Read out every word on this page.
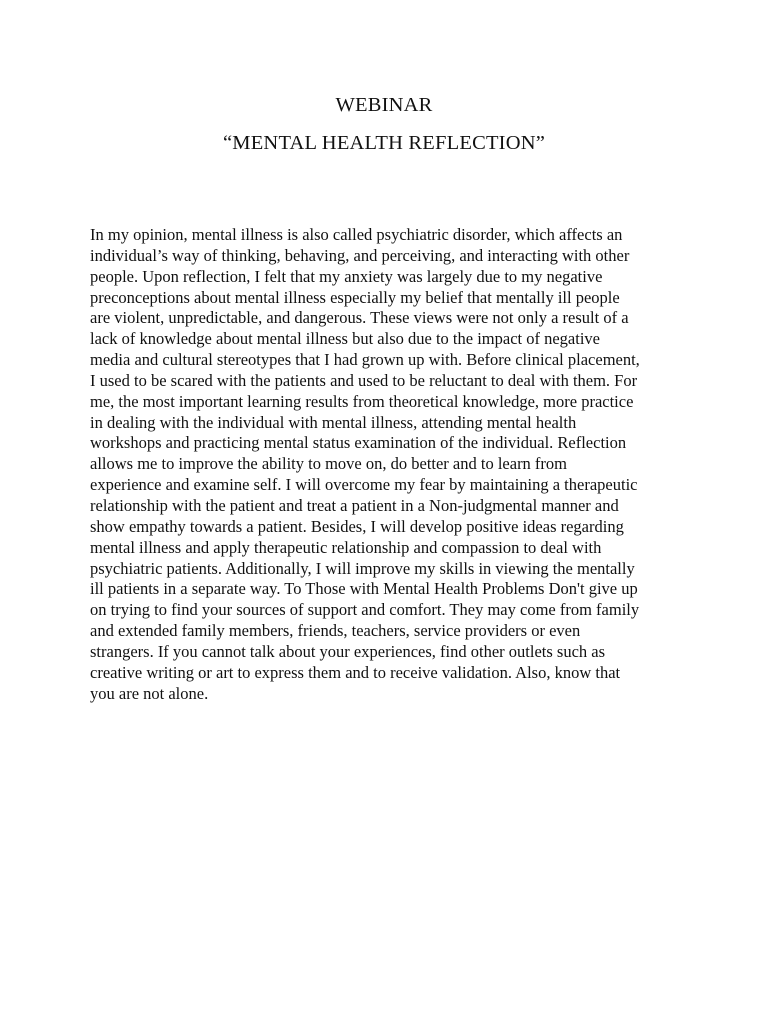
WEBINAR
“MENTAL HEALTH REFLECTION”

In my opinion, mental illness is also called psychiatric disorder, which affects an

individual’s way of thinking, behaving, and perceiving, and interacting with other

people. Upon reflection, I felt that my anxiety was largely due to my negative

preconceptions about mental illness especially my belief that mentally ill people

are violent, unpredictable, and dangerous. These views were not only a result of a

lack of knowledge about mental illness but also due to the impact of negative

media and cultural stereotypes that I had grown up with. Before clinical placement,

I used to be scared with the patients and used to be reluctant to deal with them. For

me, the most important learning results from theoretical knowledge, more practice

in dealing with the individual with mental illness, attending mental health

workshops and practicing mental status examination of the individual. Reflection

allows me to improve the ability to move on, do better and to learn from

experience and examine self. I will overcome my fear by maintaining a therapeutic

relationship with the patient and treat a patient in a Non-judgmental manner and

show empathy towards a patient. Besides, I will develop positive ideas regarding

mental illness and apply therapeutic relationship and compassion to deal with

psychiatric patients. Additionally, I will improve my skills in viewing the mentally

ill patients in a separate way. To Those with Mental Health Problems Don't give up

on trying to find your sources of support and comfort. They may come from family

and extended family members, friends, teachers, service providers or even

strangers. If you cannot talk about your experiences, find other outlets such as

creative writing or art to express them and to receive validation. Also, know that

you are not alone.
